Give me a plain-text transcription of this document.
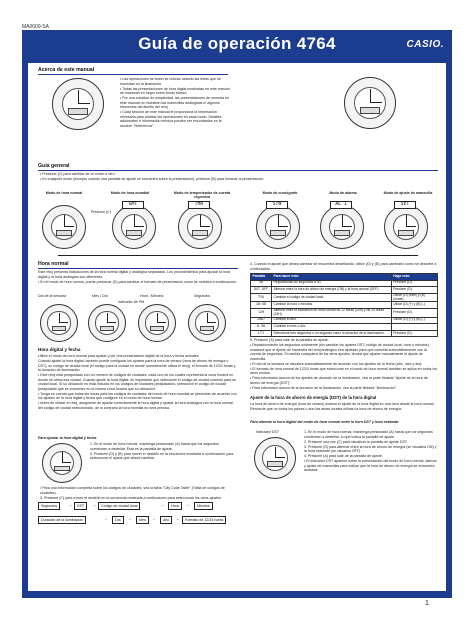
MA0609-SA
Guía de operación 4764	CASIO.
Acerca de este manual

• Las operaciones de botón se indican usando las letras que se muestran en la ilustración.

• Todas las presentaciones de hora digital mostradas en este manual se muestran en negro sobre fondo blanco.

• Por una cuestión de simplicidad, las presentaciones de muestra en este manual no muestran las manecillas analógicas ni algunos elementos del diseño del reloj.

• Cada sección de este manual le proporciona la información necesaria para realizar las operaciones en cada modo. Detalles adicionales e información técnica pueden ser encontrados en la sección "Referencia".

Guía general

• Presione (C) para cambiar de un modo a otro.

• En cualquier modo (excepto cuando una pantalla de ajuste se encuentra sobre la presentación), presione (B) para iluminar la presentación.

Modo de hora normal	Modo de hora mundial	Modo de temporizador de cuenta regresiva
Modo de cronógrafo	Modo de alarma	Modo de ajuste de manecilla
Presione (C)
GMT	THR	STW	AL 1	SET
Hora normal

Este reloj presenta indicaciones de la hora normal digital y analógica separadas. Los procedimientos para ajustar la hora digital y la hora analógica son diferentes.

• En el modo de hora normal, puede presionar (D) para cambiar el formato de presentación como se muestra a continuación.

Día de la semana	Mes • Día	Hora : Minutos	Segundos
Indicador de PM
Hora digital y fecha

Utilice el modo de hora normal para ajustar y ver una presentación digital de la hora y fecha actuales.

Cuando ajuste la hora digital, también puede configurar los ajustes para la hora de verano (hora de ahorro de energía u DST), su código de ciudad local (el código para la ciudad en donde normalmente utiliza el reloj), el formato de 12/24 horas y la duración de iluminación.

• Este reloj está preajustado con un número de códigos de ciudades, cada uno de los cuales representa la zona horaria en donde se ubica esa ciudad. Cuando ajuste la hora digital, es importante que seleccione el código de ciudad correcto para su ciudad local. Si su ubicación no está incluida en los códigos de ciudades preajustados, seleccione el código de ciudad preajustado que se encuentre en la misma zona horaria que su ubicación.

• Tenga en cuenta que todas las horas para los códigos de ciudades del modo de hora mundial se presentan de acuerdo con los ajustes de la hora digital y fecha que configure en el modo de hora normal.

• Antes de utilizar el reloj, asegúrese de ajustar correctamente la hora digital y ajustar la hora analógica con la hora normal del código de ciudad seleccionado, de lo contrario la hora mundial no será precisa.

Para ajustar la hora digital y fecha

1. En el modo de hora normal, mantenga presionado (A) hasta que los segundos comiencen a destellar. Ésta es la pantalla de ajuste.

2. Presione (D) y (B) para mover el destello en la secuencia mostrada a continuación para seleccionar el ajuste que desea cambiar.

• Para una información completa sobre los códigos de ciudades, vea la tabla "City Code Table" (Tabla de códigos de ciudades).

3. Presione (C) para mover el destello en la secuencia mostrada a continuación para seleccionar los otros ajustes.

Segundos	→	DST	→	Código de ciudad local	→	Hora	→	Minutos
Duración de la iluminación	←	Día	←	Mes	←	Año	←	Formato de 12/24 horas
4. Cuando el ajuste que desea cambiar se encuentra destellando, utilice (D) y (B) para cambiarlo como se describe a continuación.
Pantalla	Para hacer esto:	Haga esto:
50	Reposicionar los segundos a 00.	Presione (D).
DST OFF	Alternar entre la hora de ahorro de energía (ON) y la hora normal (OFF).	Presione (D).
TYO	Cambiar el código de ciudad local.	Utilice (D) (este) y (B) (oeste).
10:58	Cambiar la hora o minutos.	Utilice (D) (+) y (B) (-).
12H	Alternar entre la indicación de hora normal de 12 horas (12H) y de 24 horas (24H).	Presione (D).
2007	Cambiar el año.	Utilice (D) (+) y (B) (-).
6-30	Cambiar el mes o día.	
LT1	Seleccione tres segundos o un segundo como la duración de la iluminación.	Presione (D).

5. Presione (A) para salir de la pantalla de ajuste.

• Repasicionando los segundos solamente (sin cambiar los ajustes DST, código de ciudad local, hora o minutos), ocasiona que el ajuste de manecilla del reloj analógico sea ajustado para que coincida automáticamente con la cuenta de segundos. Si cambia cualquiera de los otros ajustes, tendrá que ajustar manualmente el ajuste de manecilla.

• El día de la semana se visualiza automáticamente de acuerdo con los ajustes de la fecha (año, mes y día).

• El formato de hora normal de 12/24 horas que seleccione en el modo de hora normal también se aplica en todos los otros modos.

• Para informarse acerca de los ajustes de duración de la iluminación, vea la parte titulada "Ajuste de la hora de ahorro de energía (DST)".

• Para informarse acerca de la duración de la iluminación, vea la parte titulada "Iluminación".

Ajuste de la hora de ahorro de energía (DST) de la hora digital
La hora de ahorro de energía (hora de verano) avanza el ajuste de la hora digital en una hora desde la hora normal. Recuerde que no todos los países o aún las áreas locales utilizan la hora de ahorro de energía.
Para alternar la hora digital del modo de hora normal entre la hora DST y hora estándar
Indicador DST	1. En el modo de hora normal, mantenga presionado (A) hasta que los segundos comiencen a destellar, lo que indica la pantalla de ajuste.

2. Presione una vez (C) para visualizar la pantalla de ajuste DST.

3. Presione (D) para alternar entre la hora de ahorro de energía (se visualiza ON) y la hora estándar (se visualiza OFF).

4. Presione (A) para salir de la pantalla de ajuste.

• El indicador DST aparece sobre la presentación del modo de hora normal, alarma y ajuste de manecillas para indicar que la hora de ahorro de energía se encuentra activada.

1
